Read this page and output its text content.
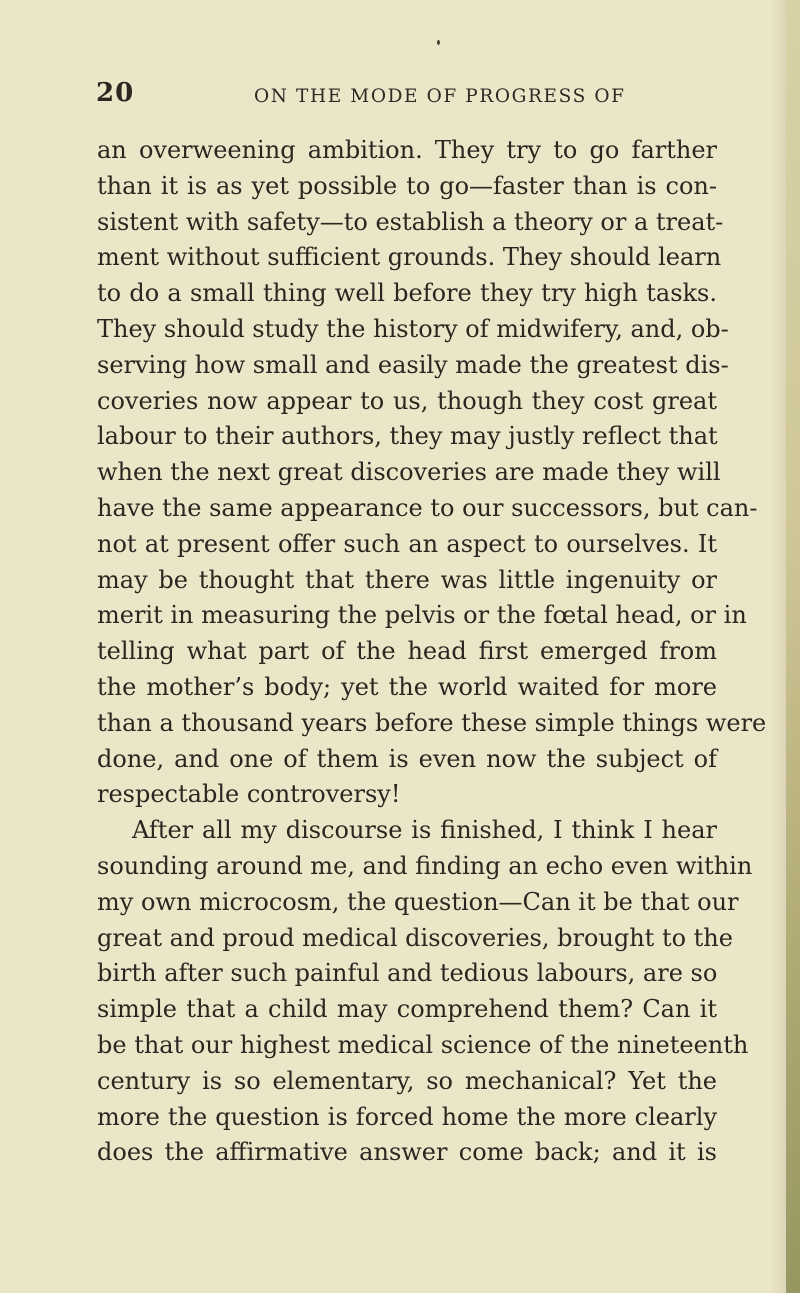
20	ON THE MODE OF PROGRESS OF
an overweening ambition. They try to go farther
than it is as yet possible to go—faster than is con-
sistent with safety—to establish a theory or a treat-
ment without sufficient grounds. They should learn
to do a small thing well before they try high tasks.
They should study the history of midwifery, and, ob-
serving how small and easily made the greatest dis-
coveries now appear to us, though they cost great
labour to their authors, they may justly reflect that
when the next great discoveries are made they will
have the same appearance to our successors, but can-
not at present offer such an aspect to ourselves. It
may be thought that there was little ingenuity or
merit in measuring the pelvis or the fœtal head, or in
telling what part of the head first emerged from
the mother’s body; yet the world waited for more
than a thousand years before these simple things were
done, and one of them is even now the subject of
respectable controversy!
After all my discourse is finished, I think I hear
sounding around me, and finding an echo even within
my own microcosm, the question—Can it be that our
great and proud medical discoveries, brought to the
birth after such painful and tedious labours, are so
simple that a child may comprehend them? Can it
be that our highest medical science of the nineteenth
century is so elementary, so mechanical? Yet the
more the question is forced home the more clearly
does the affirmative answer come back; and it is
